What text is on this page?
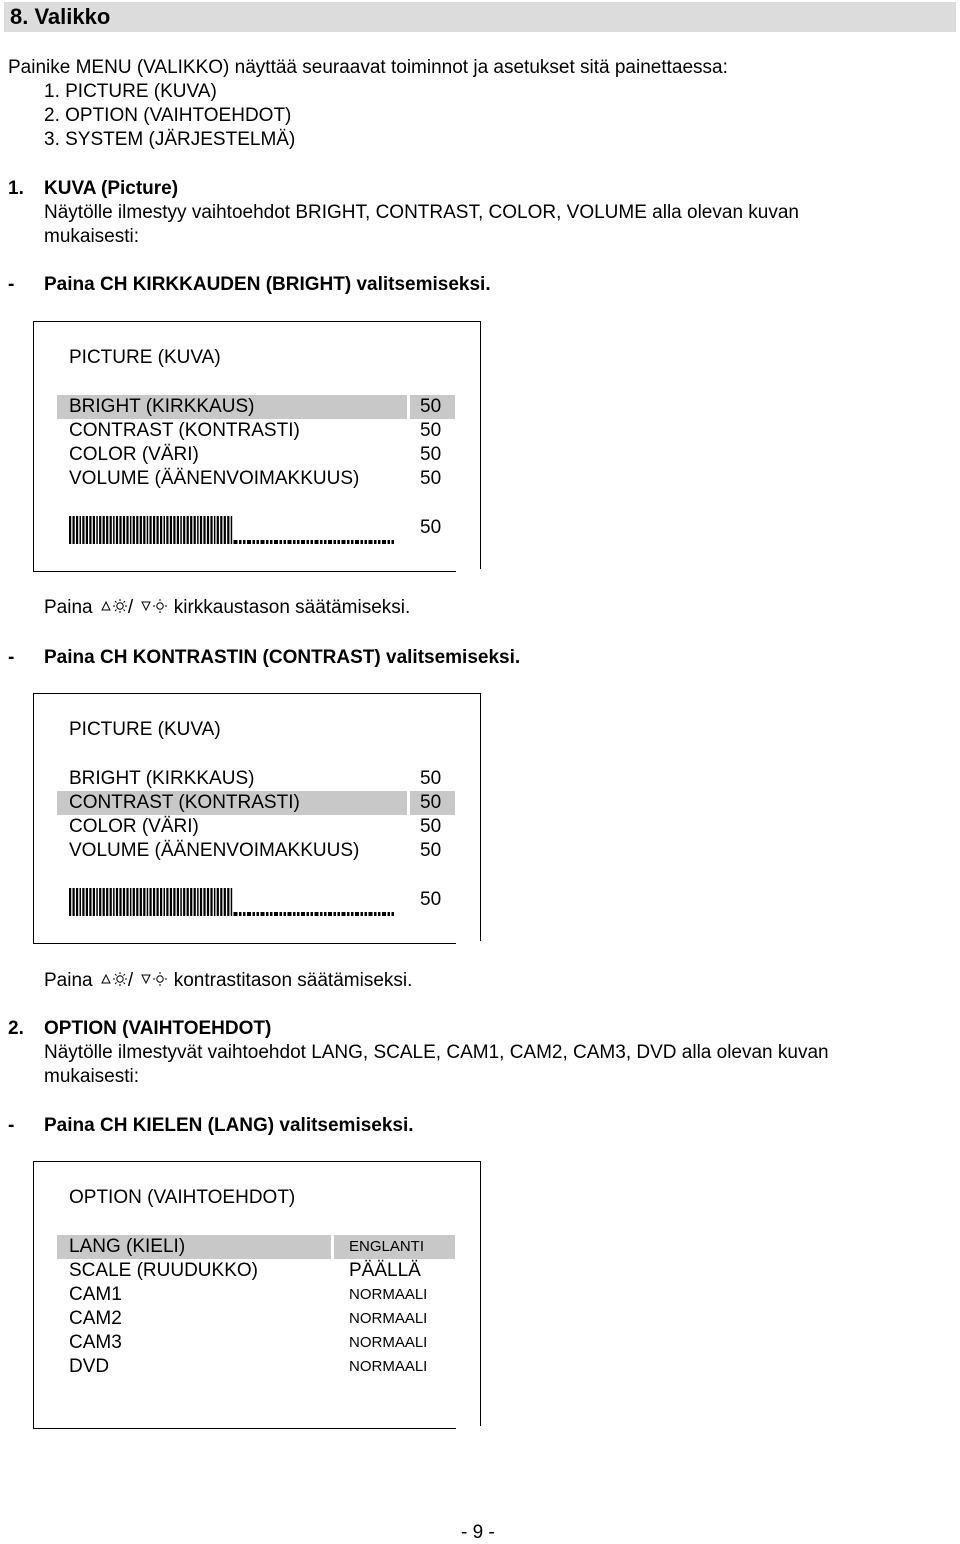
8. Valikko
Painike MENU (VALIKKO) näyttää seuraavat toiminnot ja asetukset sitä painettaessa:
1. PICTURE (KUVA)
2. OPTION (VAIHTOEHDOT)
3. SYSTEM (JÄRJESTELMÄ)
1. KUVA (Picture)
Näytölle ilmestyy vaihtoehdot BRIGHT, CONTRAST, COLOR, VOLUME alla olevan kuvan
mukaisesti:
- Paina CH KIRKKAUDEN (BRIGHT) valitsemiseksi.
PICTURE (KUVA)
BRIGHT (KIRKKAUS)	50
CONTRAST (KONTRASTI)	50
COLOR (VÄRI)	50
VOLUME (ÄÄNENVOIMAKKUUS)	50
50
Paina / kirkkaustason säätämiseksi.
- Paina CH KONTRASTIN (CONTRAST) valitsemiseksi.
PICTURE (KUVA)
BRIGHT (KIRKKAUS)	50
CONTRAST (KONTRASTI)	50
COLOR (VÄRI)	50
VOLUME (ÄÄNENVOIMAKKUUS)	50
50
Paina / kontrastitason säätämiseksi.
2. OPTION (VAIHTOEHDOT)
Näytölle ilmestyvät vaihtoehdot LANG, SCALE, CAM1, CAM2, CAM3, DVD alla olevan kuvan
mukaisesti:
- Paina CH KIELEN (LANG) valitsemiseksi.
OPTION (VAIHTOEHDOT)
LANG (KIELI)	ENGLANTI
SCALE (RUUDUKKO)	PÄÄLLÄ
CAM1	NORMAALI
CAM2	NORMAALI
CAM3	NORMAALI
DVD	NORMAALI
- 9 -
